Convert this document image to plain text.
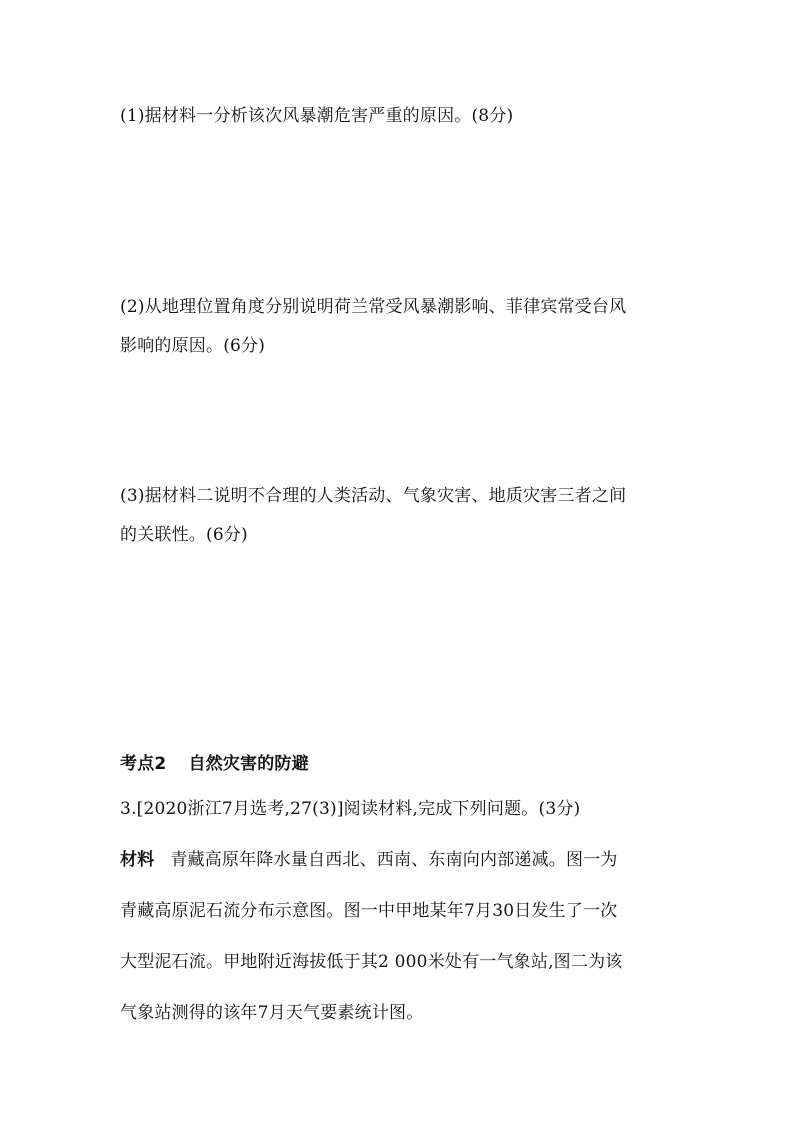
(1)据材料一分析该次风暴潮危害严重的原因。(8分)
(2)从地理位置角度分别说明荷兰常受风暴潮影响、菲律宾常受台风
影响的原因。(6分)
(3)据材料二说明不合理的人类活动、气象灾害、地质灾害三者之间
的关联性。(6分)
考点2 自然灾害的防避
3.[2020浙江7月选考,27(3)]阅读材料,完成下列问题。(3分)
材料 青藏高原年降水量自西北、西南、东南向内部递减。图一为
青藏高原泥石流分布示意图。图一中甲地某年7月30日发生了一次
大型泥石流。甲地附近海拔低于其2 000米处有一气象站,图二为该
气象站测得的该年7月天气要素统计图。
